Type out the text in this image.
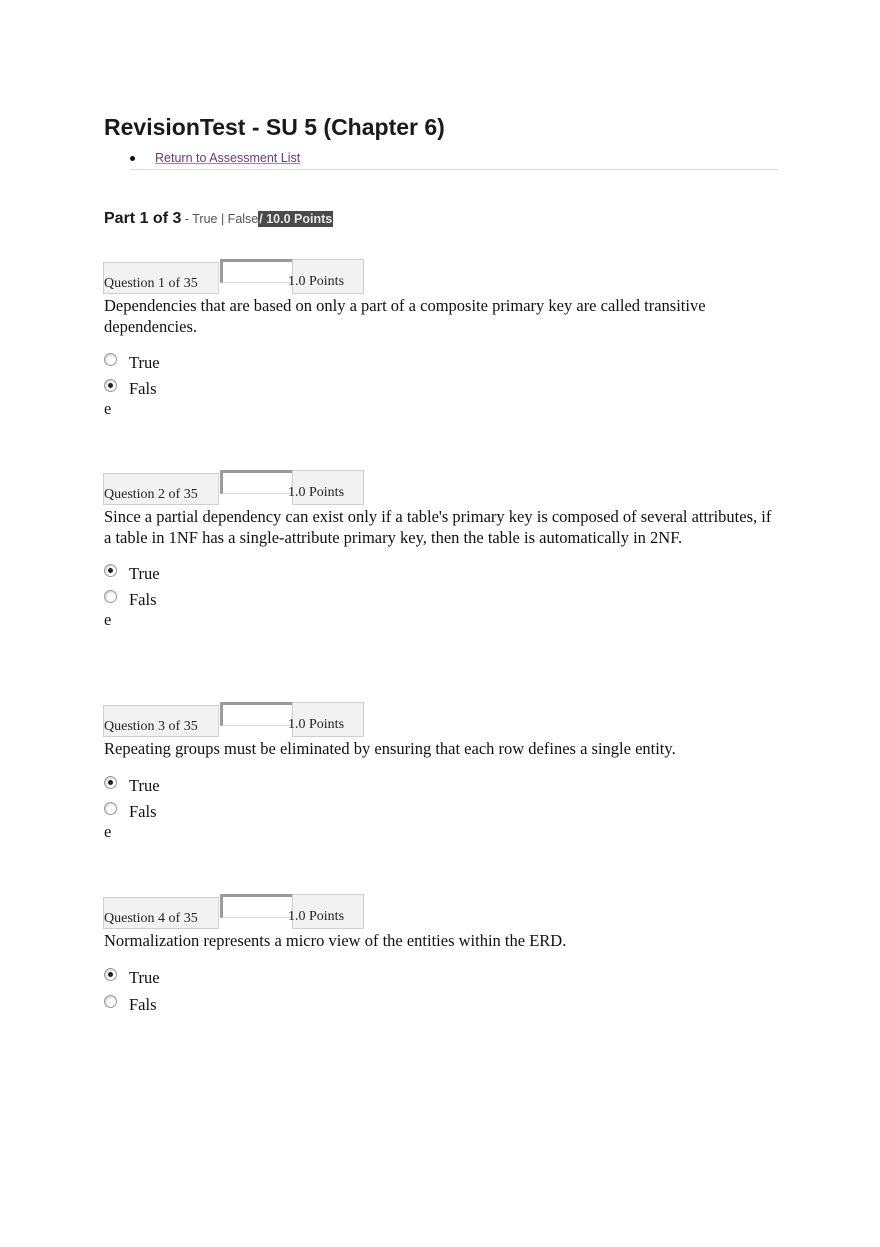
RevisionTest - SU 5 (Chapter 6)
Return to Assessment List
Part 1 of 3 - True | False/ 10.0 Points
Question 1 of 35	1.0 Points

Dependencies that are based on only a part of a composite primary key are called transitive dependencies.

True
Fals
e
Question 2 of 35	1.0 Points

Since a partial dependency can exist only if a table's primary key is composed of several attributes, if a table in 1NF has a single-attribute primary key, then the table is automatically in 2NF.

True
Fals
e
Question 3 of 35	1.0 Points

Repeating groups must be eliminated by ensuring that each row defines a single entity.

True
Fals
e
Question 4 of 35	1.0 Points

Normalization represents a micro view of the entities within the ERD.

True
Fals
